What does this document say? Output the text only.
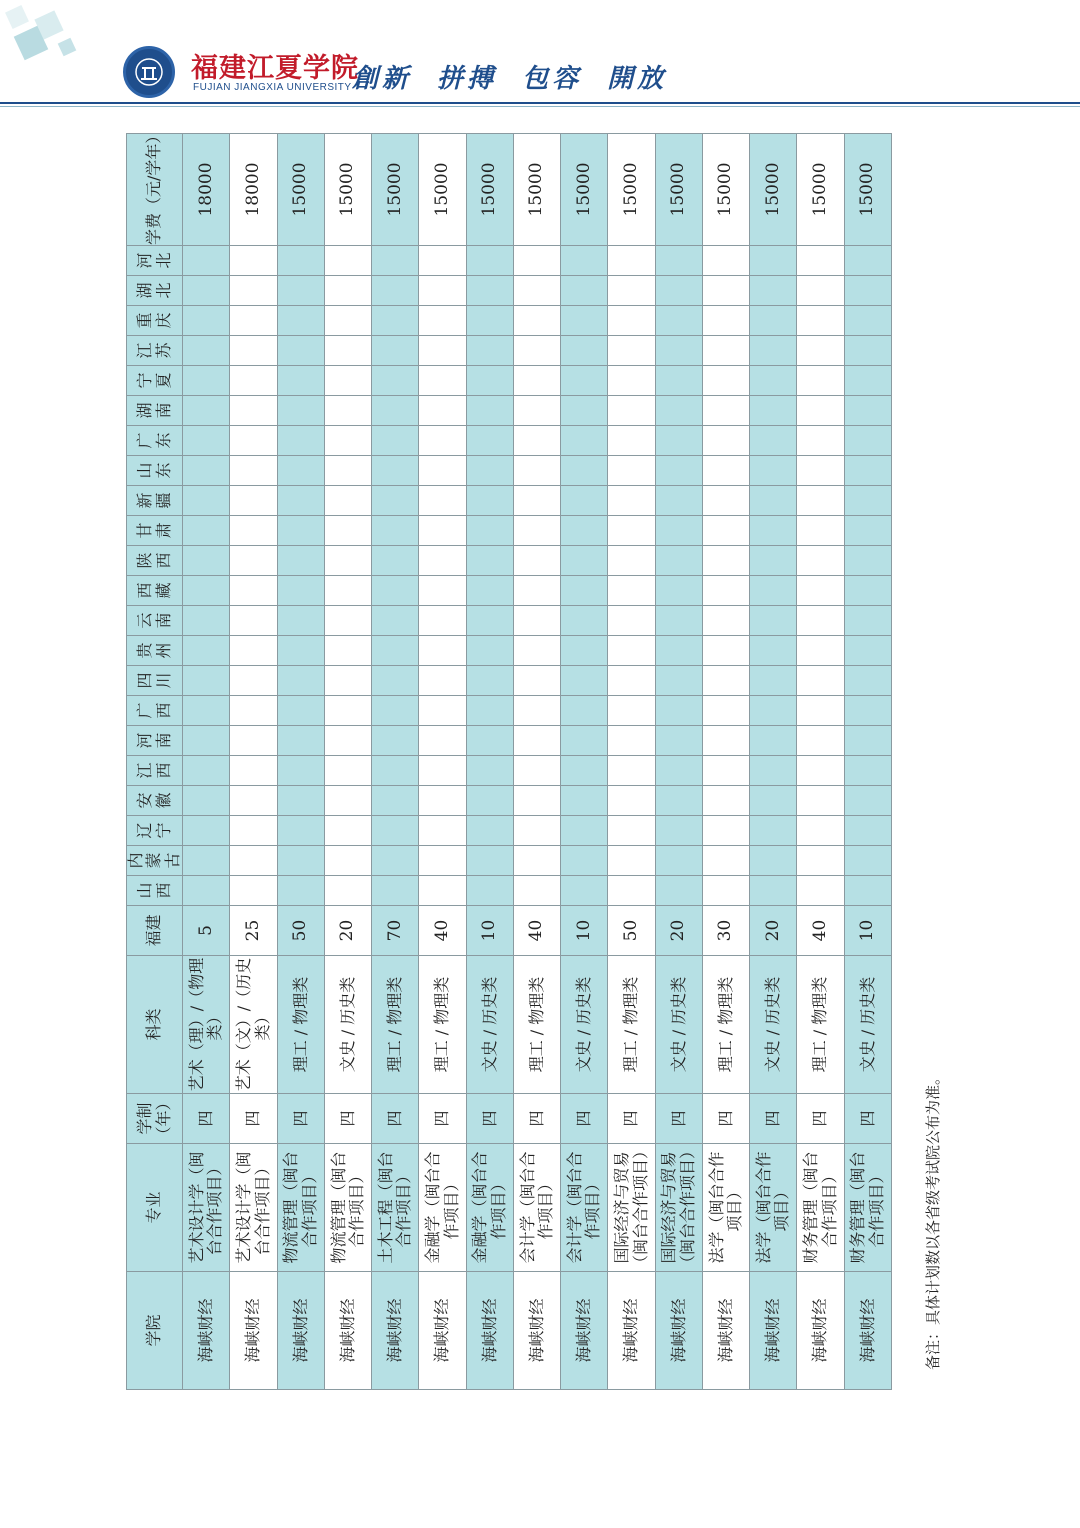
福建江夏学院
FUJIAN JIANGXIA UNIVERSITY 創新 拼搏 包容 開放
学院	专业	学制（年）	科类	福建	山西	内蒙古	辽宁	安徽	江西	河南	广西	四川	贵州	云南	西藏	陕西	甘肃	新疆	山东	广东	湖南	宁夏	江苏	重庆	湖北	河北	学费（元/学年）
海峡财经	艺术设计学（闽台合作项目）	四	艺术（理）/（物理类）	5																							18000
海峡财经	艺术设计学（闽台合作项目）	四	艺术（文）/（历史类）	25																							18000
海峡财经	物流管理（闽台合作项目）	四	理工 / 物理类	50																							15000
海峡财经	物流管理（闽台合作项目）	四	文史 / 历史类	20																							15000
海峡财经	土木工程（闽台合作项目）	四	理工 / 物理类	70																							15000
海峡财经	金融学（闽台合作项目）	四	理工 / 物理类	40																							15000
海峡财经	金融学（闽台合作项目）	四	文史 / 历史类	10																							15000
海峡财经	会计学（闽台合作项目）	四	理工 / 物理类	40																							15000
海峡财经	会计学（闽台合作项目）	四	文史 / 历史类	10																							15000
海峡财经	国际经济与贸易（闽台合作项目）	四	理工 / 物理类	50																							15000
海峡财经	国际经济与贸易（闽台合作项目）	四	文史 / 历史类	20																							15000
海峡财经	法学（闽台合作项目）	四	理工 / 物理类	30																							15000
海峡财经	法学（闽台合作项目）	四	文史 / 历史类	20																							15000
海峡财经	财务管理（闽台合作项目）	四	理工 / 物理类	40																							15000
海峡财经	财务管理（闽台合作项目）	四	文史 / 历史类	10																							15000
备注：具体计划数以各省级考试院公布为准。
